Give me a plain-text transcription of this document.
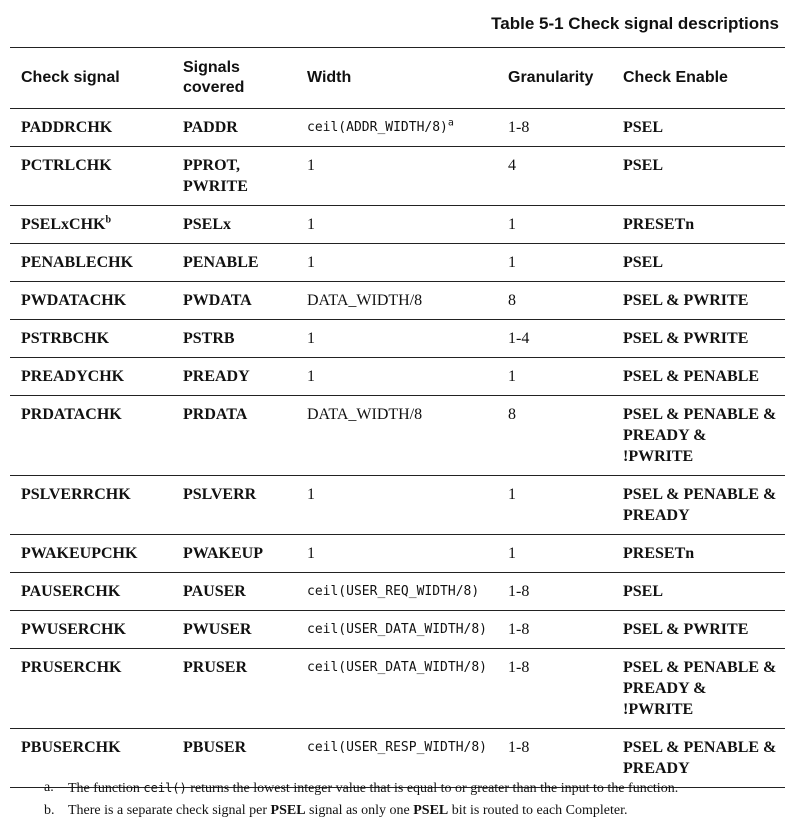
Table 5-1 Check signal descriptions
Check signal	Signals covered	Width	Granularity	Check Enable
PADDRCHK	PADDR	ceil(ADDR_WIDTH/8)$^a$	1-8	PSEL
PCTRLCHK	PPROT, PWRITE	1	4	PSEL
PSELxCHK$^b$	PSELx	1	1	PRESETn
PENABLECHK	PENABLE	1	1	PSEL
PWDATACHK	PWDATA	DATA_WIDTH/8	8	PSEL & PWRITE
PSTRBCHK	PSTRB	1	1-4	PSEL & PWRITE
PREADYCHK	PREADY	1	1	PSEL & PENABLE
PRDATACHK	PRDATA	DATA_WIDTH/8	8	PSEL & PENABLE & PREADY & !PWRITE
PSLVERRCHK	PSLVERR	1	1	PSEL & PENABLE & PREADY
PWAKEUPCHK	PWAKEUP	1	1	PRESETn
PAUSERCHK	PAUSER	ceil(USER_REQ_WIDTH/8)	1-8	PSEL
PWUSERCHK	PWUSER	ceil(USER_DATA_WIDTH/8)	1-8	PSEL & PWRITE
PRUSERCHK	PRUSER	ceil(USER_DATA_WIDTH/8)	1-8	PSEL & PENABLE & PREADY & !PWRITE
PBUSERCHK	PBUSER	ceil(USER_RESP_WIDTH/8)	1-8	PSEL & PENABLE & PREADY
a.	The function ceil() returns the lowest integer value that is equal to or greater than the input to the function.
b. There is a separate check signal per PSEL signal as only one PSEL bit is routed to each Completer.
